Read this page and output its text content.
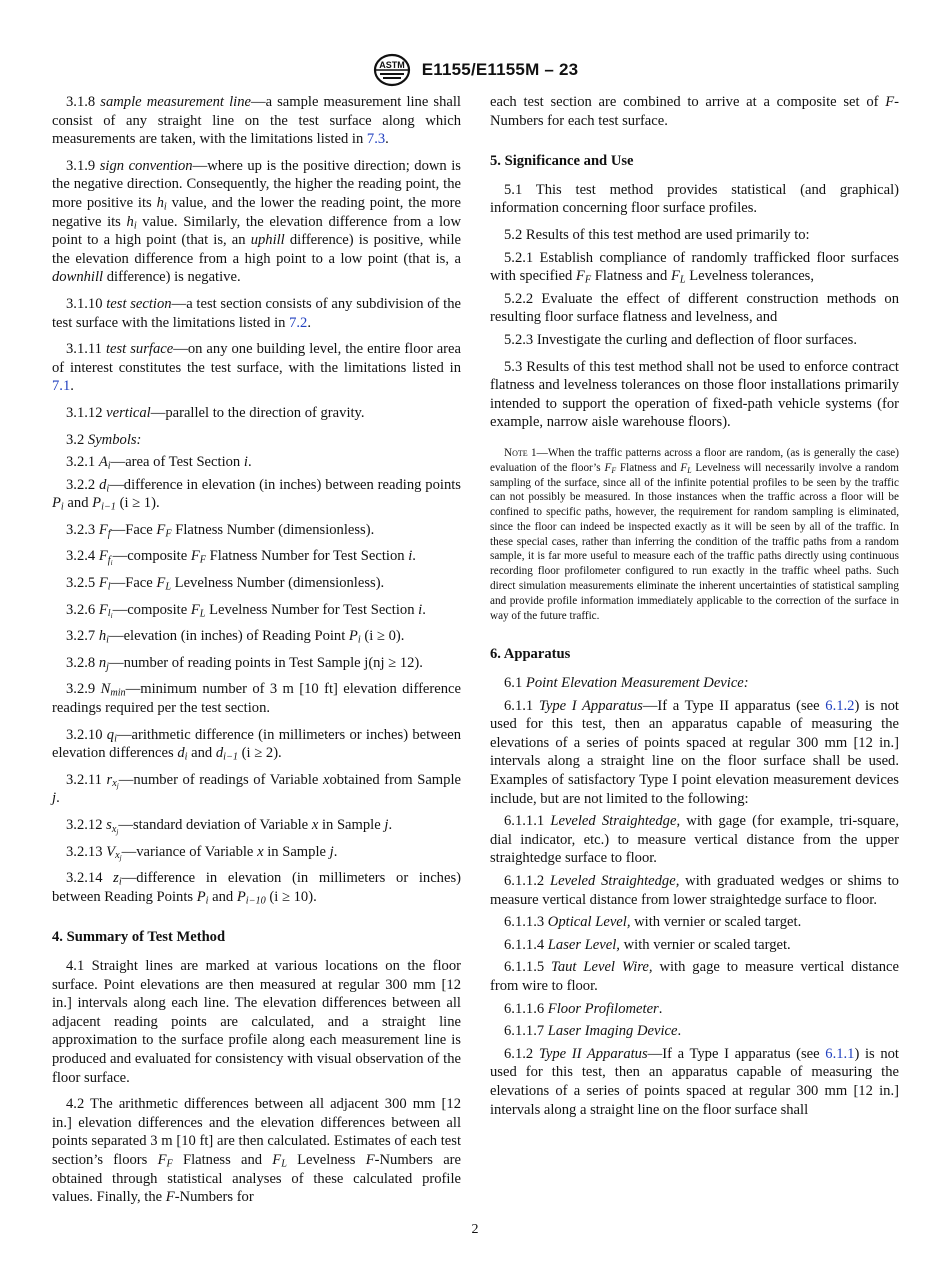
ASTM E1155/E1155M – 23

3.1.8 sample measurement line—a sample measurement line shall consist of any straight line on the test surface along which measurements are taken, with the limitations listed in 7.3.

3.1.9 sign convention—where up is the positive direction; down is the negative direction. Consequently, the higher the reading point, the more positive its $h_i$ value, and the lower the reading point, the more negative its $h_i$ value. Similarly, the elevation difference from a low point to a high point (that is, an uphill difference) is positive, while the elevation difference from a high point to a low point (that is, a downhill difference) is negative.

3.1.10 test section—a test section consists of any subdivision of the test surface with the limitations listed in 7.2.

3.1.11 test surface—on any one building level, the entire floor area of interest constitutes the test surface, with the limitations listed in 7.1.

3.1.12 vertical—parallel to the direction of gravity.

3.2 Symbols:

3.2.1 $A_i—area$ of Test Section i.

3.2.2 $d_i—difference$ in elevation (in inches) between reading points $P_i$ and $P_{i-1}$ (i ≥ 1).

3.2.3 $F_f—Face$ $F_F$ Flatness Number (dimensionless).

3.2.4 $F_{f_i}—composite$ $F_F$ Flatness Number for Test Section i.

3.2.5 $F_l—Face$ $F_L$ Levelness Number (dimensionless).

3.2.6 $F_{l_i}—composite$ $F_L$ Levelness Number for Test Section i.

3.2.7 $h_i—elevation$ (in inches) of Reading Point $P_i$ (i ≥ 0).

3.2.8 $n_j—number$ of reading points in Test Sample j(nj ≥ 12).

3.2.9 $N_{min}—minimum$ number of 3 m [10 ft] elevation difference readings required per the test section.

3.2.10 $q_i—arithmetic$ difference (in millimeters or inches) between elevation differences $d_i$ and $d_{i-1}$ (i ≥ 2).

3.2.11 $r_{x_j}—number$ of readings of Variable xobtained from Sample j.

3.2.12 $s_{x_j}—standard$ deviation of Variable x in Sample j.

3.2.13 $V_{x_j}—variance$ of Variable x in Sample j.

3.2.14 $z_i—difference$ in elevation (in millimeters or inches) between Reading Points $P_i$ and $P_{i-10}$ (i ≥ 10).

4. Summary of Test Method

4.1 Straight lines are marked at various locations on the floor surface. Point elevations are then measured at regular 300 mm [12 in.] intervals along each line. The elevation differences between all adjacent reading points are calculated, and a straight line approximation to the surface profile along each measurement line is produced and evaluated for consistency with visual observation of the floor surface.

4.2 The arithmetic differences between all adjacent 300 mm [12 in.] elevation differences and the elevation differences between all points separated 3 m [10 ft] are then calculated. Estimates of each test section’s floors $F_F$ Flatness and $F_L$ Levelness F-Numbers are obtained through statistical analyses of these calculated profile values. Finally, the F-Numbers for

each test section are combined to arrive at a composite set of F-Numbers for each test surface.

5. Significance and Use

5.1 This test method provides statistical (and graphical) information concerning floor surface profiles.

5.2 Results of this test method are used primarily to:

5.2.1 Establish compliance of randomly trafficked floor surfaces with specified $F_F$ Flatness and $F_L$ Levelness tolerances,

5.2.2 Evaluate the effect of different construction methods on resulting floor surface flatness and levelness, and

5.2.3 Investigate the curling and deflection of floor surfaces.

5.3 Results of this test method shall not be used to enforce contract flatness and levelness tolerances on those floor installations primarily intended to support the operation of fixed-path vehicle systems (for example, narrow aisle warehouse floors).

Note 1—When the traffic patterns across a floor are random, (as is generally the case) evaluation of the floor’s $F_F$ Flatness and $F_L$ Levelness will necessarily involve a random sampling of the surface, since all of the infinite potential profiles to be seen by the traffic can not possibly be measured. In those instances when the traffic across a floor will be confined to specific paths, however, the requirement for random sampling is eliminated, since the floor can indeed be inspected exactly as it will be seen by all of the traffic. In these special cases, rather than inferring the condition of the traffic paths from a random sample, it is far more useful to measure each of the traffic paths directly using continuous recording floor profilometer configured to run exactly in the traffic wheel paths. Such direct simulation measurements eliminate the inherent uncertainties of statistical sampling and provide profile information immediately applicable to the correction of the surface in way of the future traffic.
6. Apparatus

6.1 Point Elevation Measurement Device:

6.1.1 Type I Apparatus—If a Type II apparatus (see 6.1.2) is not used for this test, then an apparatus capable of measuring the elevations of a series of points spaced at regular 300 mm [12 in.] intervals along a straight line on the floor surface shall be used. Examples of satisfactory Type I point elevation measurement devices include, but are not limited to the following:

6.1.1.1 Leveled Straightedge, with gage (for example, tri-square, dial indicator, etc.) to measure vertical distance from the upper straightedge surface to floor.

6.1.1.2 Leveled Straightedge, with graduated wedges or shims to measure vertical distance from lower straightedge surface to floor.

6.1.1.3 Optical Level, with vernier or scaled target.

6.1.1.4 Laser Level, with vernier or scaled target.

6.1.1.5 Taut Level Wire, with gage to measure vertical distance from wire to floor.

6.1.1.6 Floor Profilometer.

6.1.1.7 Laser Imaging Device.

6.1.2 Type II Apparatus—If a Type I apparatus (see 6.1.1) is not used for this test, then an apparatus capable of measuring the elevations of a series of points spaced at regular 300 mm [12 in.] intervals along a straight line on the floor surface shall

2
